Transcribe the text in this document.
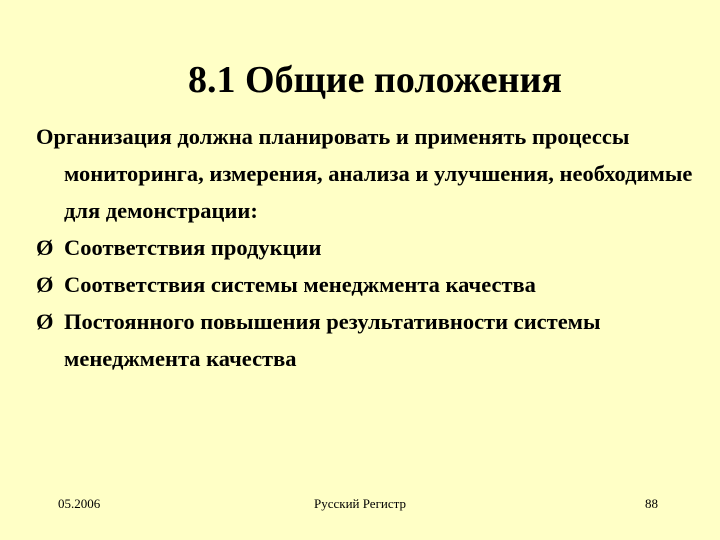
8.1 Общие положения

Организация должна планировать и применять процессы мониторинга, измерения, анализа и улучшения, необходимые для демонстрации:

Ø Соответствия продукции
Ø Соответствия системы менеджмента качества
Ø Постоянного повышения результативности системы менеджмента качества
05.2006	Русский Регистр	88
